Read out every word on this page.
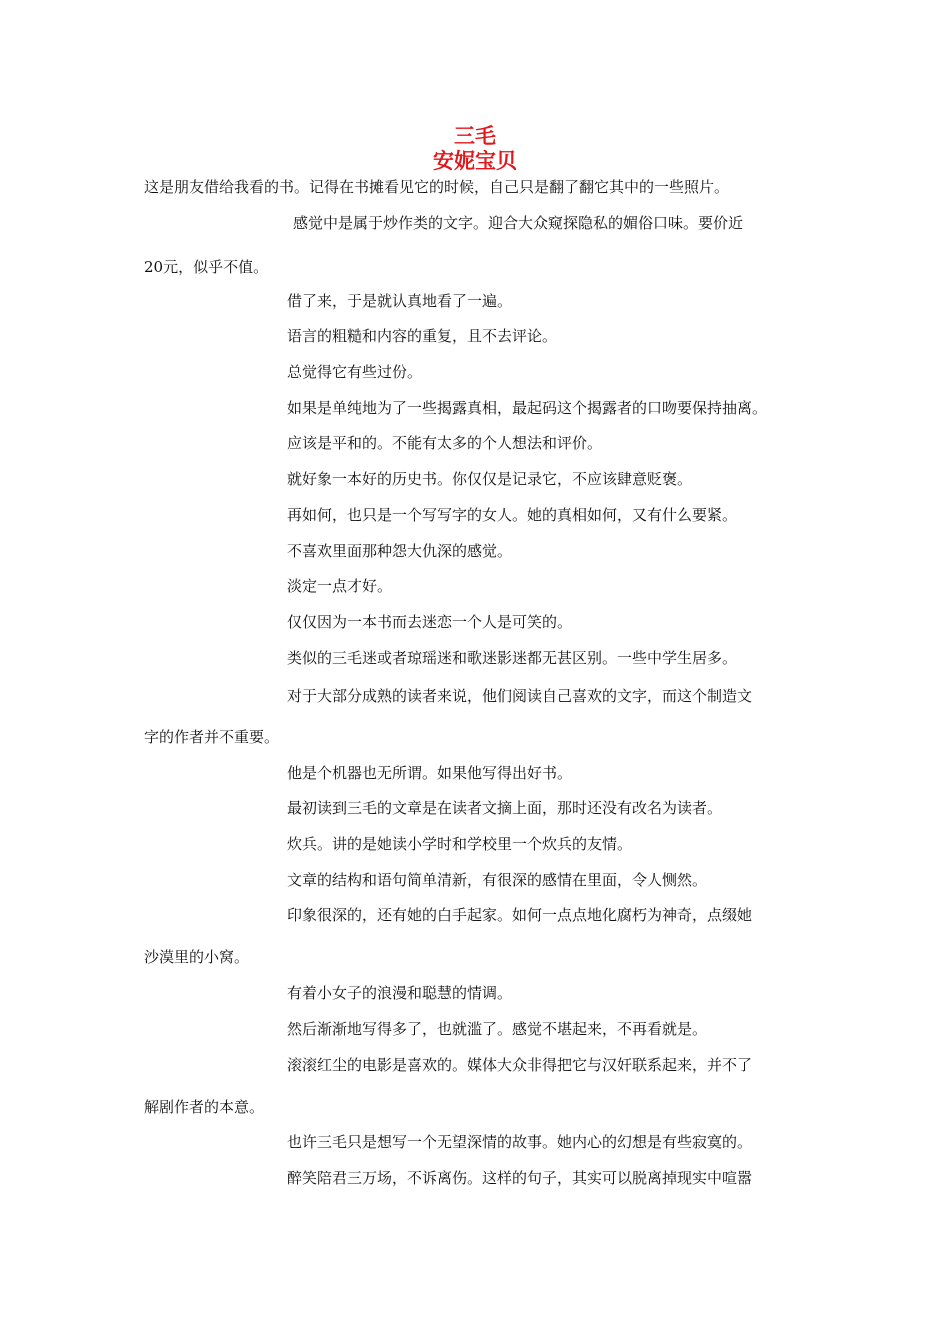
三毛
安妮宝贝
这是朋友借给我看的书。记得在书摊看见它的时候，自己只是翻了翻它其中的一些照片。
感觉中是属于炒作类的文字。迎合大众窥探隐私的媚俗口味。要价近
20元，似乎不值。
借了来，于是就认真地看了一遍。
语言的粗糙和内容的重复，且不去评论。
总觉得它有些过份。
如果是单纯地为了一些揭露真相，最起码这个揭露者的口吻要保持抽离。
应该是平和的。不能有太多的个人想法和评价。
就好象一本好的历史书。你仅仅是记录它，不应该肆意贬褒。
再如何，也只是一个写写字的女人。她的真相如何，又有什么要紧。
不喜欢里面那种怨大仇深的感觉。
淡定一点才好。
仅仅因为一本书而去迷恋一个人是可笑的。
类似的三毛迷或者琼瑶迷和歌迷影迷都无甚区别。一些中学生居多。
对于大部分成熟的读者来说，他们阅读自己喜欢的文字，而这个制造文
字的作者并不重要。
他是个机器也无所谓。如果他写得出好书。
最初读到三毛的文章是在读者文摘上面，那时还没有改名为读者。
炊兵。讲的是她读小学时和学校里一个炊兵的友情。
文章的结构和语句简单清新，有很深的感情在里面，令人恻然。
印象很深的，还有她的白手起家。如何一点点地化腐朽为神奇，点缀她
沙漠里的小窝。
有着小女子的浪漫和聪慧的情调。
然后渐渐地写得多了，也就滥了。感觉不堪起来，不再看就是。
滚滚红尘的电影是喜欢的。媒体大众非得把它与汉奸联系起来，并不了
解剧作者的本意。
也许三毛只是想写一个无望深情的故事。她内心的幻想是有些寂寞的。
醉笑陪君三万场，不诉离伤。这样的句子，其实可以脱离掉现实中喧嚣
